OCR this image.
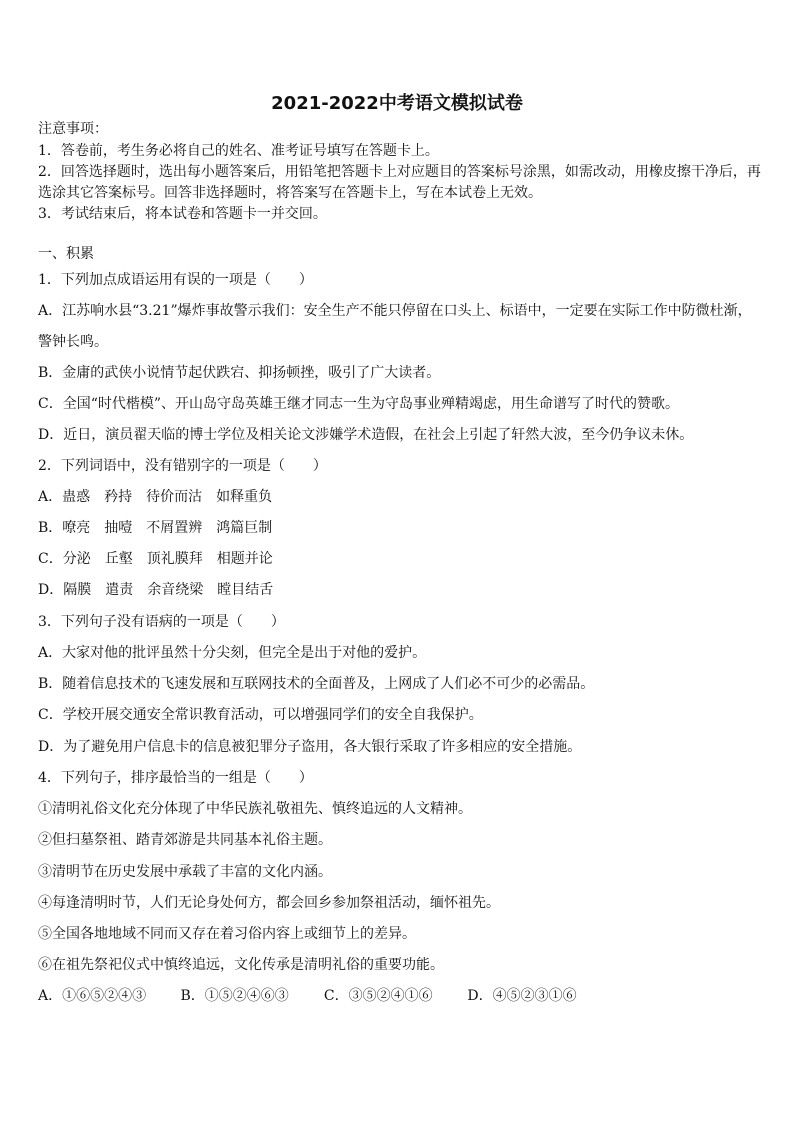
2021-2022中考语文模拟试卷
注意事项：
1．答卷前，考生务必将自己的姓名、准考证号填写在答题卡上。
2．回答选择题时，选出每小题答案后，用铅笔把答题卡上对应题目的答案标号涂黑，如需改动，用橡皮擦干净后，再
选涂其它答案标号。回答非选择题时，将答案写在答题卡上，写在本试卷上无效。
3．考试结束后，将本试卷和答题卡一并交回。
一、积累
1．下列加点成语运用有误的一项是（　　）
A．江苏响水县“3.21”爆炸事故警示我们：安全生产不能只停留在口头上、标语中，一定要在实际工作中防微杜渐，
警钟长鸣。
B．金庸的武侠小说情节起伏跌宕、抑扬顿挫，吸引了广大读者。
C．全国“时代楷模”、开山岛守岛英雄王继才同志一生为守岛事业殚精竭虑，用生命谱写了时代的赞歌。
D．近日，演员翟天临的博士学位及相关论文涉嫌学术造假，在社会上引起了轩然大波，至今仍争议未休。
2．下列词语中，没有错别字的一项是（　　）
A．蛊惑　矜持　待价而沽　如释重负
B．嘹亮　抽噎　不屑置辨　鸿篇巨制
C．分泌　丘壑　顶礼膜拜　相题并论
D．隔膜　遣责　余音绕梁　瞠目结舌
3．下列句子没有语病的一项是（　　）
A．大家对他的批评虽然十分尖刻，但完全是出于对他的爱护。
B．随着信息技术的飞速发展和互联网技术的全面普及，上网成了人们必不可少的必需品。
C．学校开展交通安全常识教育活动，可以增强同学们的安全自我保护。
D．为了避免用户信息卡的信息被犯罪分子盗用，各大银行采取了许多相应的安全措施。
4．下列句子，排序最恰当的一组是（　　）
①清明礼俗文化充分体现了中华民族礼敬祖先、慎终追远的人文精神。
②但扫墓祭祖、踏青郊游是共同基本礼俗主题。
③清明节在历史发展中承载了丰富的文化内涵。
④每逢清明时节，人们无论身处何方，都会回乡参加祭祖活动，缅怀祖先。
⑤全国各地地域不同而又存在着习俗内容上或细节上的差异。
⑥在祖先祭祀仪式中慎终追远，文化传承是清明礼俗的重要功能。
A．①⑥⑤②④③ B．①⑤②④⑥③	C．③⑤②④①⑥ D．④⑤②③①⑥
